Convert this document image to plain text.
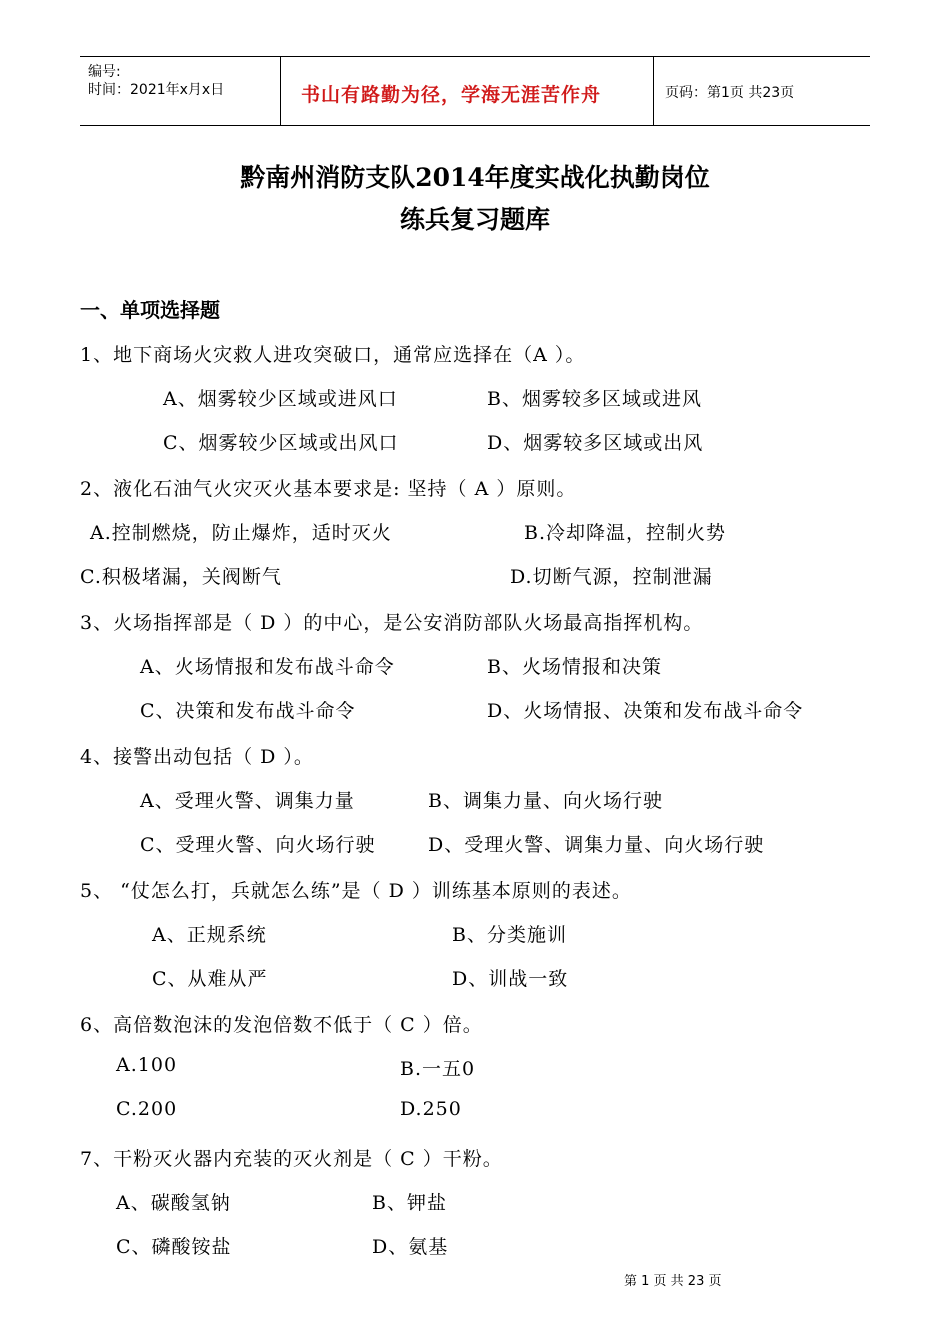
编号:
时间：2021年x月x日	书山有路勤为径，学海无涯苦作舟	页码：第1页 共23页
黔南州消防支队2014年度实战化执勤岗位
练兵复习题库
一、单项选择题
1、地下商场火灾救人进攻突破口，通常应选择在（A ）。
A、烟雾较少区域或进风口	B、烟雾较多区域或进风
C、烟雾较少区域或出风口	D、烟雾较多区域或出风
2、液化石油气火灾灭火基本要求是: 坚持（ A ）原则。
A.控制燃烧，防止爆炸，适时灭火	B.冷却降温，控制火势
C.积极堵漏，关阀断气	D.切断气源，控制泄漏
3、火场指挥部是（ D ）的中心，是公安消防部队火场最高指挥机构。
A、火场情报和发布战斗命令	B、火场情报和决策
C、决策和发布战斗命令	D、火场情报、决策和发布战斗命令
4、接警出动包括（ D ）。
A、受理火警、调集力量	B、调集力量、向火场行驶
C、受理火警、向火场行驶	D、受理火警、调集力量、向火场行驶
5、 “仗怎么打，兵就怎么练”是（ D ）训练基本原则的表述。
A、正规系统	B、分类施训
C、从难从严	D、训战一致
6、高倍数泡沫的发泡倍数不低于（ C ）倍。
A.100	B.一五0
C.200	D.250
7、干粉灭火器内充装的灭火剂是（ C ）干粉。
A、碳酸氢钠	B、钾盐
C、磷酸铵盐	D、氨基
第 1 页 共 23 页
